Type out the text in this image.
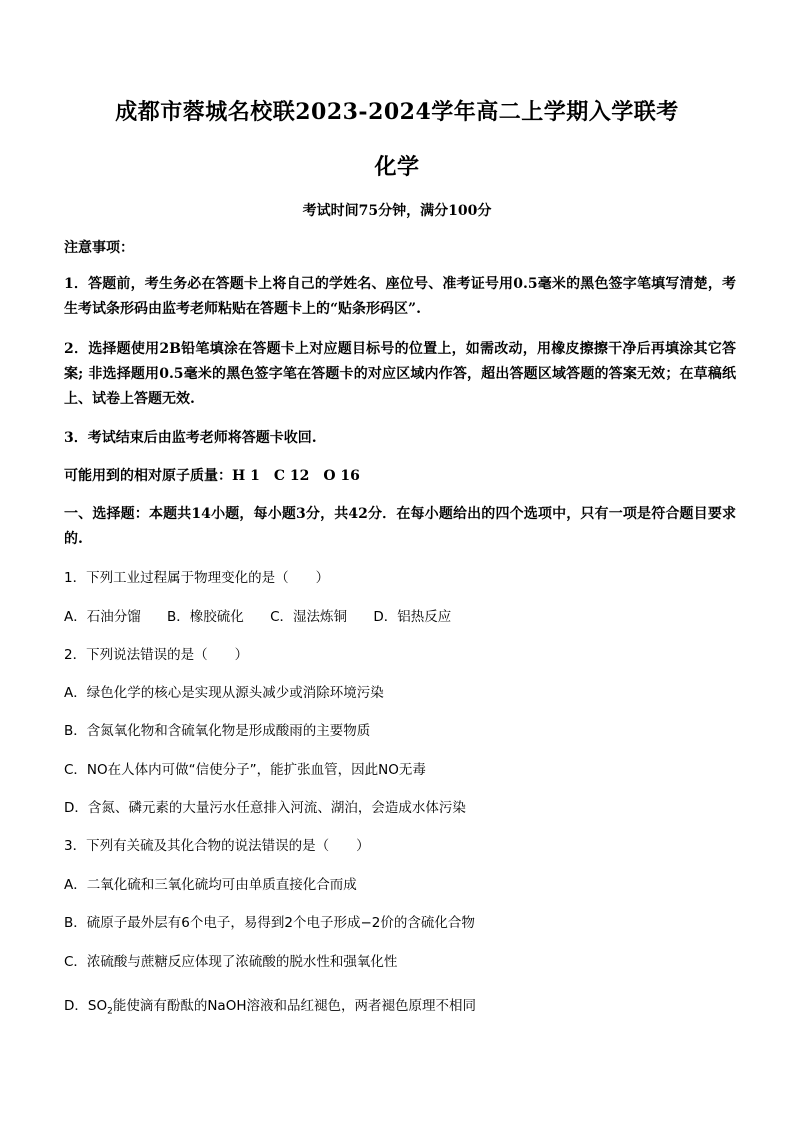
成都市蓉城名校联2023-2024学年高二上学期入学联考
化学
考试时间75分钟，满分100分
注意事项：
1．答题前，考生务必在答题卡上将自己的学姓名、座位号、准考证号用0.5毫米的黑色签字笔填写清楚，考生考试条形码由监考老师粘贴在答题卡上的“贴条形码区”.
2．选择题使用2B铅笔填涂在答题卡上对应题目标号的位置上，如需改动，用橡皮擦擦干净后再填涂其它答案; 非选择题用0.5毫米的黑色签字笔在答题卡的对应区域内作答，超出答题区域答题的答案无效；在草稿纸上、试卷上答题无效.
3．考试结束后由监考老师将答题卡收回.
可能用到的相对原子质量：H 1　C 12　O 16
一、选择题：本题共14小题，每小题3分，共42分．在每小题给出的四个选项中，只有一项是符合题目要求的.
1．下列工业过程属于物理变化的是（　　）
A．石油分馏 B．橡胶硫化 C．湿法炼铜 D．铝热反应
2．下列说法错误的是（　　）
A．绿色化学的核心是实现从源头减少或消除环境污染
B．含氮氧化物和含硫氧化物是形成酸雨的主要物质
C．NO在人体内可做“信使分子”，能扩张血管，因此NO无毒
D．含氮、磷元素的大量污水任意排入河流、湖泊，会造成水体污染
3．下列有关硫及其化合物的说法错误的是（　　）
A．二氧化硫和三氧化硫均可由单质直接化合而成
B．硫原子最外层有6个电子，易得到2个电子形成−2价的含硫化合物
C．浓硫酸与蔗糖反应体现了浓硫酸的脱水性和强氧化性
D．$SO_2$能使滴有酚酞的NaOH溶液和品红褪色，两者褪色原理不相同
